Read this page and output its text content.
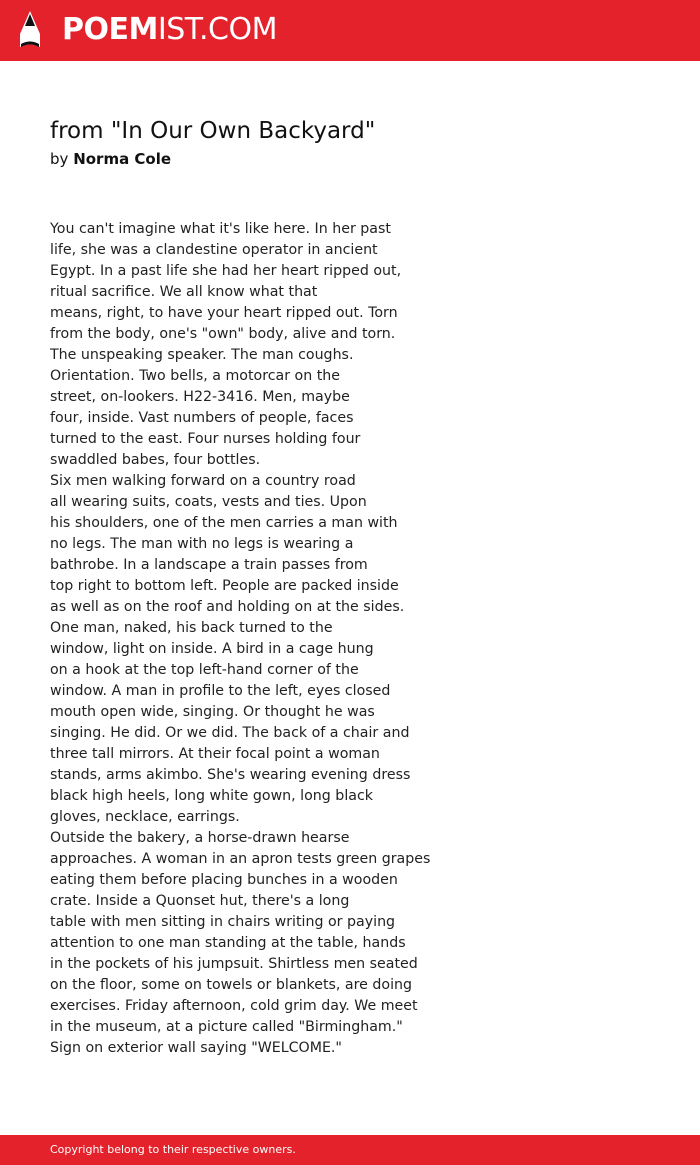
POEMIST.COM
from "In Our Own Backyard"
by Norma Cole
You can't imagine what it's like here. In her past
life, she was a clandestine operator in ancient
Egypt. In a past life she had her heart ripped out,
ritual sacrifice. We all know what that
means, right, to have your heart ripped out. Torn
from the body, one's "own" body, alive and torn.
The unspeaking speaker. The man coughs.
Orientation. Two bells, a motorcar on the
street, on-lookers. H22-3416. Men, maybe
four, inside. Vast numbers of people, faces
turned to the east. Four nurses holding four
swaddled babes, four bottles.
Six men walking forward on a country road
all wearing suits, coats, vests and ties. Upon
his shoulders, one of the men carries a man with
no legs. The man with no legs is wearing a
bathrobe. In a landscape a train passes from
top right to bottom left. People are packed inside
as well as on the roof and holding on at the sides.
One man, naked, his back turned to the
window, light on inside. A bird in a cage hung
on a hook at the top left-hand corner of the
window. A man in profile to the left, eyes closed
mouth open wide, singing. Or thought he was
singing. He did. Or we did. The back of a chair and
three tall mirrors. At their focal point a woman
stands, arms akimbo. She's wearing evening dress
black high heels, long white gown, long black
gloves, necklace, earrings.
Outside the bakery, a horse-drawn hearse
approaches. A woman in an apron tests green grapes
eating them before placing bunches in a wooden
crate. Inside a Quonset hut, there's a long
table with men sitting in chairs writing or paying
attention to one man standing at the table, hands
in the pockets of his jumpsuit. Shirtless men seated
on the floor, some on towels or blankets, are doing
exercises. Friday afternoon, cold grim day. We meet
in the museum, at a picture called "Birmingham."
Sign on exterior wall saying "WELCOME."
Copyright belong to their respective owners.
